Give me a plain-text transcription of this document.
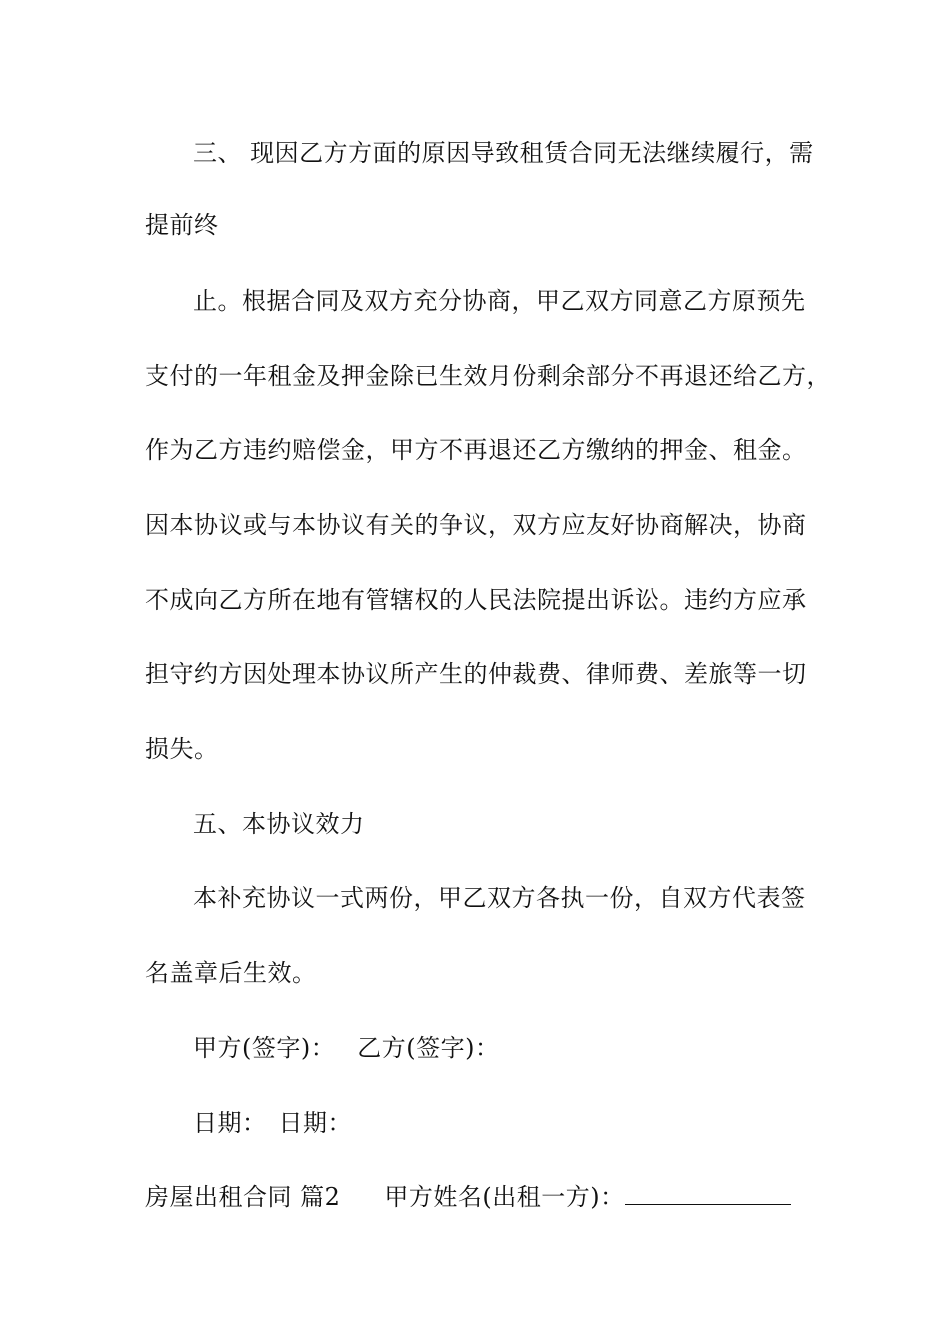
三、 现因乙方方面的原因导致租赁合同无法继续履行，需
提前终
止。根据合同及双方充分协商，甲乙双方同意乙方原预先
支付的一年租金及押金除已生效月份剩余部分不再退还给乙方，
作为乙方违约赔偿金，甲方不再退还乙方缴纳的押金、租金。
因本协议或与本协议有关的争议，双方应友好协商解决，协商
不成向乙方所在地有管辖权的人民法院提出诉讼。违约方应承
担守约方因处理本协议所产生的仲裁费、律师费、差旅等一切
损失。
五、本协议效力
本补充协议一式两份，甲乙双方各执一份，自双方代表签
名盖章后生效。
甲方(签字)： 乙方(签字)：
日期： 日期：
房屋出租合同 篇2 甲方姓名(出租一方)：
